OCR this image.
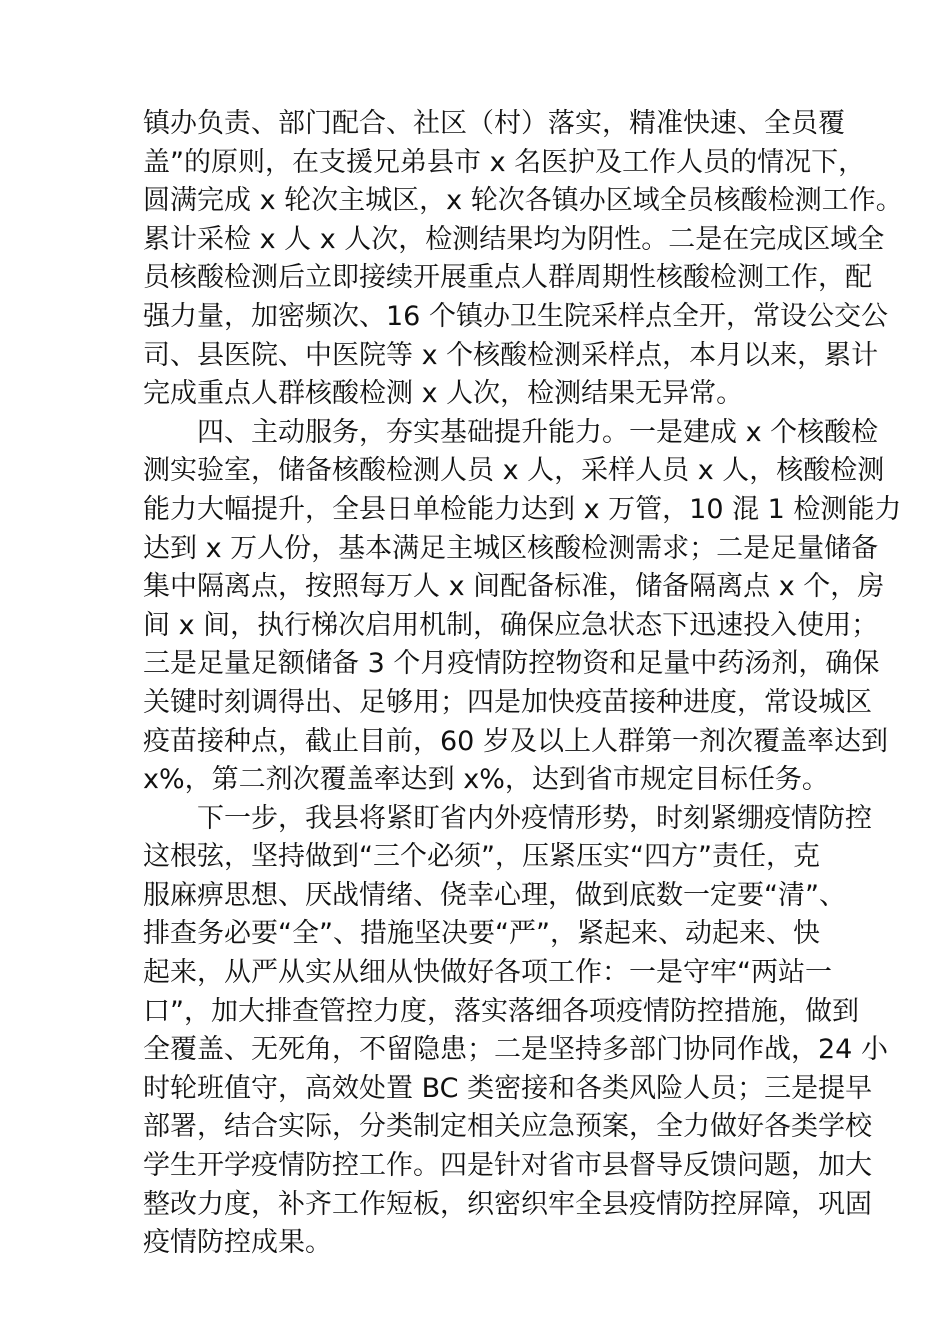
镇办负责、部门配合、社区（村）落实，精准快速、全员覆
盖”的原则，在支援兄弟县市 x 名医护及工作人员的情况下，
圆满完成 x 轮次主城区，x 轮次各镇办区域全员核酸检测工作。
累计采检 x 人 x 人次，检测结果均为阴性。二是在完成区域全
员核酸检测后立即接续开展重点人群周期性核酸检测工作，配
强力量，加密频次、16 个镇办卫生院采样点全开，常设公交公
司、县医院、中医院等 x 个核酸检测采样点，本月以来，累计
完成重点人群核酸检测 x 人次，检测结果无异常。
四、主动服务，夯实基础提升能力。一是建成 x 个核酸检
测实验室，储备核酸检测人员 x 人，采样人员 x 人，核酸检测
能力大幅提升，全县日单检能力达到 x 万管，10 混 1 检测能力
达到 x 万人份，基本满足主城区核酸检测需求；二是足量储备
集中隔离点，按照每万人 x 间配备标准，储备隔离点 x 个，房
间 x 间，执行梯次启用机制，确保应急状态下迅速投入使用；
三是足量足额储备 3 个月疫情防控物资和足量中药汤剂，确保
关键时刻调得出、足够用；四是加快疫苗接种进度，常设城区
疫苗接种点，截止目前，60 岁及以上人群第一剂次覆盖率达到
x%，第二剂次覆盖率达到 x%，达到省市规定目标任务。
下一步，我县将紧盯省内外疫情形势，时刻紧绷疫情防控
这根弦，坚持做到“三个必须”，压紧压实“四方”责任，克
服麻痹思想、厌战情绪、侥幸心理，做到底数一定要“清”、
排查务必要“全”、措施坚决要“严”，紧起来、动起来、快
起来，从严从实从细从快做好各项工作：一是守牢“两站一
口”，加大排查管控力度，落实落细各项疫情防控措施，做到
全覆盖、无死角，不留隐患；二是坚持多部门协同作战，24 小
时轮班值守，高效处置 BC 类密接和各类风险人员；三是提早
部署，结合实际，分类制定相关应急预案，全力做好各类学校
学生开学疫情防控工作。四是针对省市县督导反馈问题，加大
整改力度，补齐工作短板，织密织牢全县疫情防控屏障，巩固
疫情防控成果。
